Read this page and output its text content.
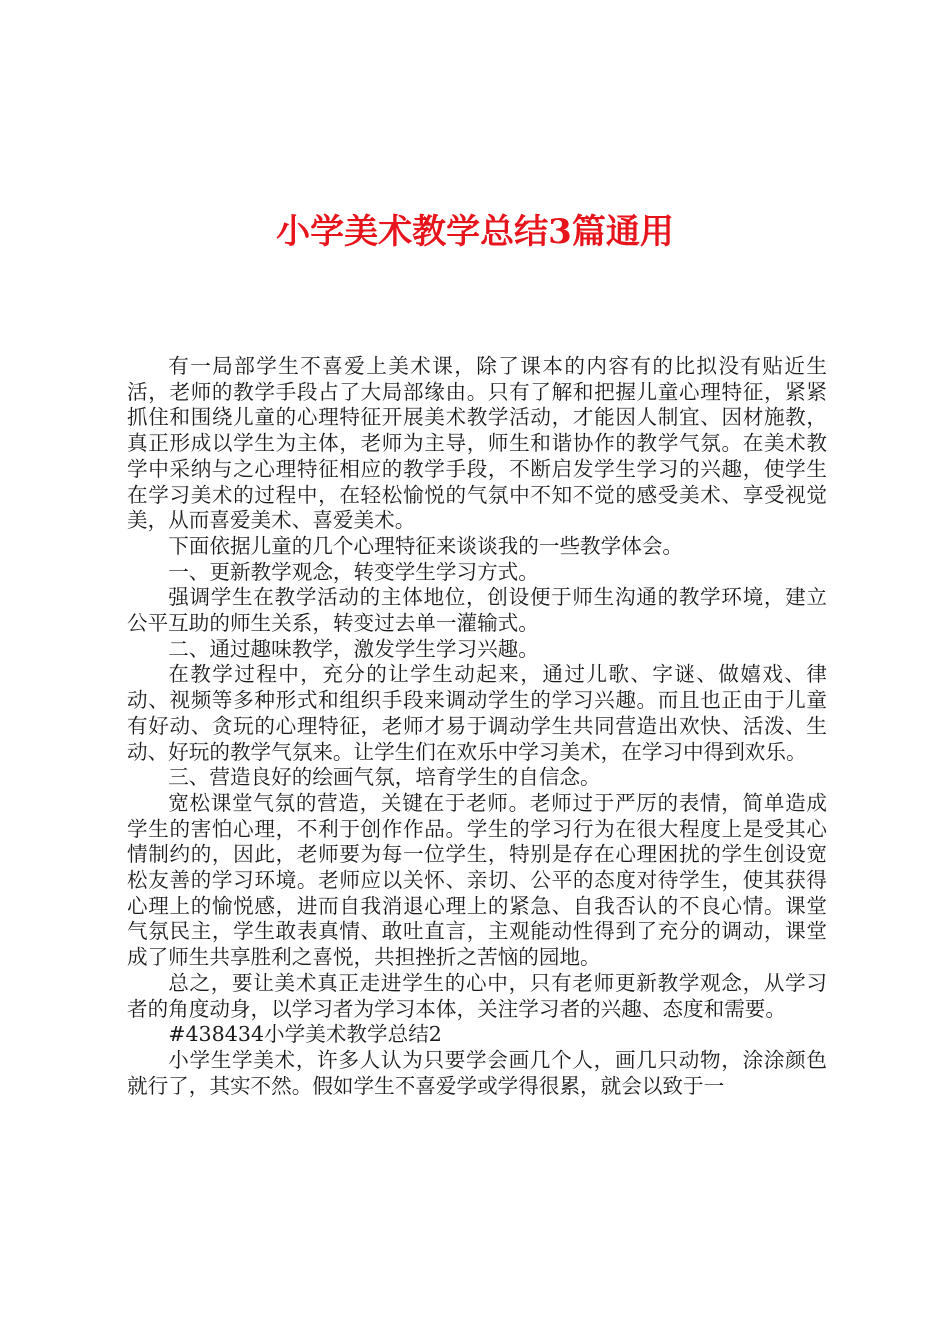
小学美术教学总结3篇通用

有一局部学生不喜爱上美术课，除了课本的内容有的比拟没有贴近生活，老师的教学手段占了大局部缘由。只有了解和把握儿童心理特征，紧紧抓住和围绕儿童的心理特征开展美术教学活动，才能因人制宜、因材施教，真正形成以学生为主体，老师为主导，师生和谐协作的教学气氛。在美术教学中采纳与之心理特征相应的教学手段，不断启发学生学习的兴趣，使学生在学习美术的过程中，在轻松愉悦的气氛中不知不觉的感受美术、享受视觉美，从而喜爱美术、喜爱美术。

下面依据儿童的几个心理特征来谈谈我的一些教学体会。

一、更新教学观念，转变学生学习方式。

强调学生在教学活动的主体地位，创设便于师生沟通的教学环境，建立公平互助的师生关系，转变过去单一灌输式。

二、通过趣味教学，激发学生学习兴趣。

在教学过程中，充分的让学生动起来，通过儿歌、字谜、做嬉戏、律动、视频等多种形式和组织手段来调动学生的学习兴趣。而且也正由于儿童有好动、贪玩的心理特征，老师才易于调动学生共同营造出欢快、活泼、生动、好玩的教学气氛来。让学生们在欢乐中学习美术，在学习中得到欢乐。

三、营造良好的绘画气氛，培育学生的自信念。

宽松课堂气氛的营造，关键在于老师。老师过于严厉的表情，简单造成学生的害怕心理，不利于创作作品。学生的学习行为在很大程度上是受其心情制约的，因此，老师要为每一位学生，特别是存在心理困扰的学生创设宽松友善的学习环境。老师应以关怀、亲切、公平的态度对待学生，使其获得心理上的愉悦感，进而自我消退心理上的紧急、自我否认的不良心情。课堂气氛民主，学生敢表真情、敢吐直言，主观能动性得到了充分的调动，课堂成了师生共享胜利之喜悦，共担挫折之苦恼的园地。

总之，要让美术真正走进学生的心中，只有老师更新教学观念，从学习者的角度动身，以学习者为学习本体，关注学习者的兴趣、态度和需要。

#438434小学美术教学总结2

小学生学美术，许多人认为只要学会画几个人，画几只动物，涂涂颜色就行了，其实不然。假如学生不喜爱学或学得很累，就会以致于一
